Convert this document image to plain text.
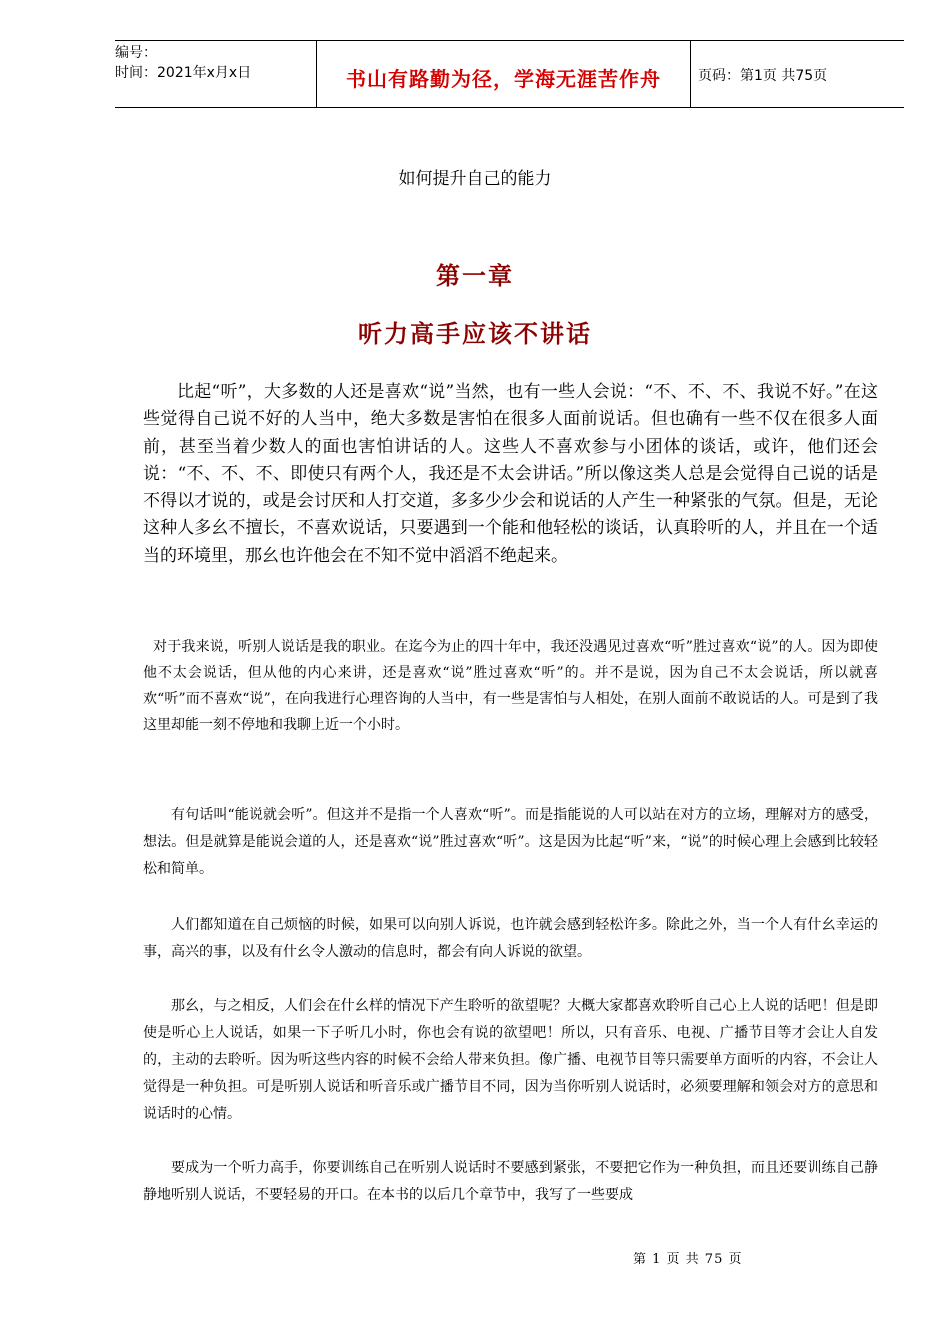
编号：
时间：2021年x月x日	书山有路勤为径，学海无涯苦作舟	页码：第1页 共75页
如何提升自己的能力
第一章
听力高手应该不讲话

比起“听”，大多数的人还是喜欢“说”当然，也有一些人会说：“不、不、不、我说不好。”在这些觉得自己说不好的人当中，绝大多数是害怕在很多人面前说话。但也确有一些不仅在很多人面前，甚至当着少数人的面也害怕讲话的人。这些人不喜欢参与小团体的谈话，或许，他们还会说：“不、不、不、即使只有两个人，我还是不太会讲话。”所以像这类人总是会觉得自己说的话是不得以才说的，或是会讨厌和人打交道，多多少少会和说话的人产生一种紧张的气氛。但是，无论这种人多幺不擅长，不喜欢说话，只要遇到一个能和他轻松的谈话，认真聆听的人，并且在一个适当的环境里，那幺也许他会在不知不觉中滔滔不绝起来。

对于我来说，听别人说话是我的职业。在迄今为止的四十年中，我还没遇见过喜欢“听”胜过喜欢“说”的人。因为即使他不太会说话，但从他的内心来讲，还是喜欢“说”胜过喜欢“听”的。并不是说，因为自己不太会说话，所以就喜欢“听”而不喜欢“说”，在向我进行心理咨询的人当中，有一些是害怕与人相处，在别人面前不敢说话的人。可是到了我这里却能一刻不停地和我聊上近一个小时。

有句话叫“能说就会听”。但这并不是指一个人喜欢“听”。而是指能说的人可以站在对方的立场，理解对方的感受，想法。但是就算是能说会道的人，还是喜欢“说”胜过喜欢“听”。这是因为比起“听”来，“说”的时候心理上会感到比较轻松和简单。

人们都知道在自己烦恼的时候，如果可以向别人诉说，也许就会感到轻松许多。除此之外，当一个人有什幺幸运的事，高兴的事，以及有什幺令人激动的信息时，都会有向人诉说的欲望。

那幺，与之相反，人们会在什幺样的情况下产生聆听的欲望呢？大概大家都喜欢聆听自己心上人说的话吧！但是即使是听心上人说话，如果一下子听几小时，你也会有说的欲望吧！所以，只有音乐、电视、广播节目等才会让人自发的，主动的去聆听。因为听这些内容的时候不会给人带来负担。像广播、电视节目等只需要单方面听的内容，不会让人觉得是一种负担。可是听别人说话和听音乐或广播节目不同，因为当你听别人说话时，必须要理解和领会对方的意思和说话时的心情。

要成为一个听力高手，你要训练自己在听别人说话时不要感到紧张，不要把它作为一种负担，而且还要训练自己静静地听别人说话，不要轻易的开口。在本书的以后几个章节中，我写了一些要成

第 1 页 共 75 页
